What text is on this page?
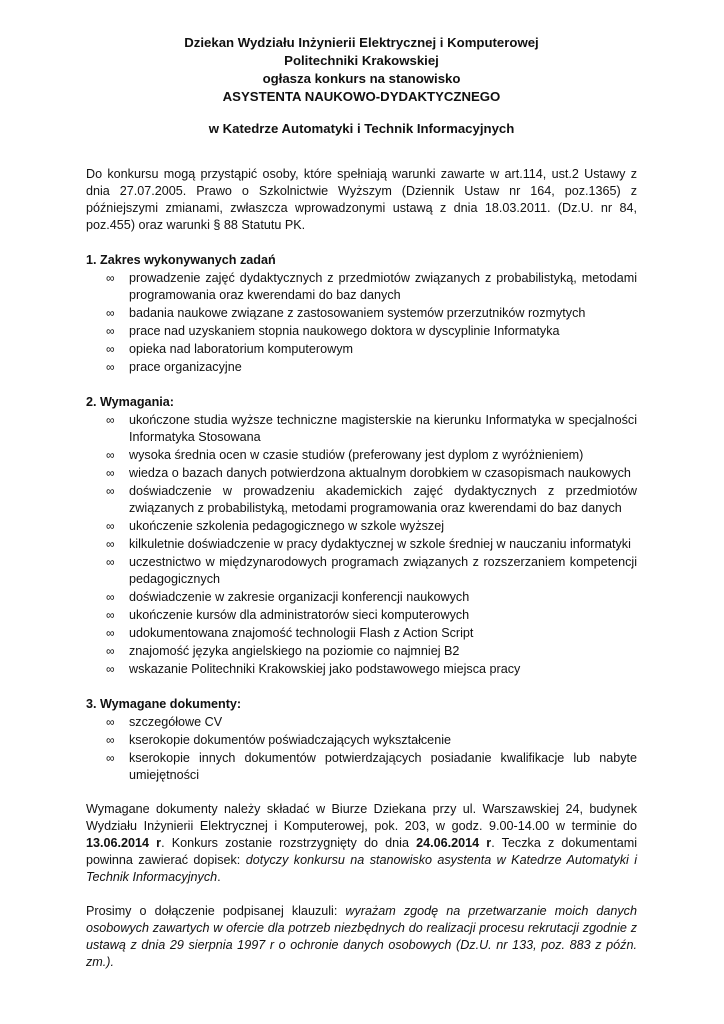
Dziekan Wydziału Inżynierii Elektrycznej i Komputerowej
Politechniki Krakowskiej
ogłasza konkurs na stanowisko
ASYSTENTA NAUKOWO-DYDAKTYCZNEGO
w Katedrze Automatyki i Technik Informacyjnych

Do konkursu mogą przystąpić osoby, które spełniają warunki zawarte w art.114, ust.2 Ustawy z dnia 27.07.2005. Prawo o Szkolnictwie Wyższym (Dziennik Ustaw nr 164, poz.1365) z późniejszymi zmianami, zwłaszcza wprowadzonymi ustawą z dnia 18.03.2011. (Dz.U. nr 84, poz.455) oraz warunki § 88 Statutu PK.

1. Zakres wykonywanych zadań
∞ prowadzenie zajęć dydaktycznych z przedmiotów związanych z probabilistyką, metodami programowania oraz kwerendami do baz danych
∞ badania naukowe związane z zastosowaniem systemów przerzutników rozmytych
∞ prace nad uzyskaniem stopnia naukowego doktora w dyscyplinie Informatyka
∞ opieka nad laboratorium komputerowym
∞ prace organizacyjne
2. Wymagania:
∞ ukończone studia wyższe techniczne magisterskie na kierunku Informatyka w specjalności Informatyka Stosowana
∞ wysoka średnia ocen w czasie studiów (preferowany jest dyplom z wyróżnieniem)
∞ wiedza o bazach danych potwierdzona aktualnym dorobkiem w czasopismach naukowych
∞ doświadczenie w prowadzeniu akademickich zajęć dydaktycznych z przedmiotów związanych z probabilistyką, metodami programowania oraz kwerendami do baz danych
∞ ukończenie szkolenia pedagogicznego w szkole wyższej
∞ kilkuletnie doświadczenie w pracy dydaktycznej w szkole średniej w nauczaniu informatyki
∞ uczestnictwo w międzynarodowych programach związanych z rozszerzaniem kompetencji pedagogicznych
∞ doświadczenie w zakresie organizacji konferencji naukowych
∞ ukończenie kursów dla administratorów sieci komputerowych
∞ udokumentowana znajomość technologii Flash z Action Script
∞ znajomość języka angielskiego na poziomie co najmniej B2
∞ wskazanie Politechniki Krakowskiej jako podstawowego miejsca pracy
3. Wymagane dokumenty:
∞ szczegółowe CV
∞ kserokopie dokumentów poświadczających wykształcenie
∞ kserokopie innych dokumentów potwierdzających posiadanie kwalifikacje lub nabyte umiejętności

Wymagane dokumenty należy składać w Biurze Dziekana przy ul. Warszawskiej 24, budynek Wydziału Inżynierii Elektrycznej i Komputerowej, pok. 203, w godz. 9.00-14.00 w terminie do 13.06.2014 r. Konkurs zostanie rozstrzygnięty do dnia 24.06.2014 r. Teczka z dokumentami powinna zawierać dopisek: dotyczy konkursu na stanowisko asystenta w Katedrze Automatyki i Technik Informacyjnych.

Prosimy o dołączenie podpisanej klauzuli: wyrażam zgodę na przetwarzanie moich danych osobowych zawartych w ofercie dla potrzeb niezbędnych do realizacji procesu rekrutacji zgodnie z ustawą z dnia 29 sierpnia 1997 r o ochronie danych osobowych (Dz.U. nr 133, poz. 883 z późn. zm.).
